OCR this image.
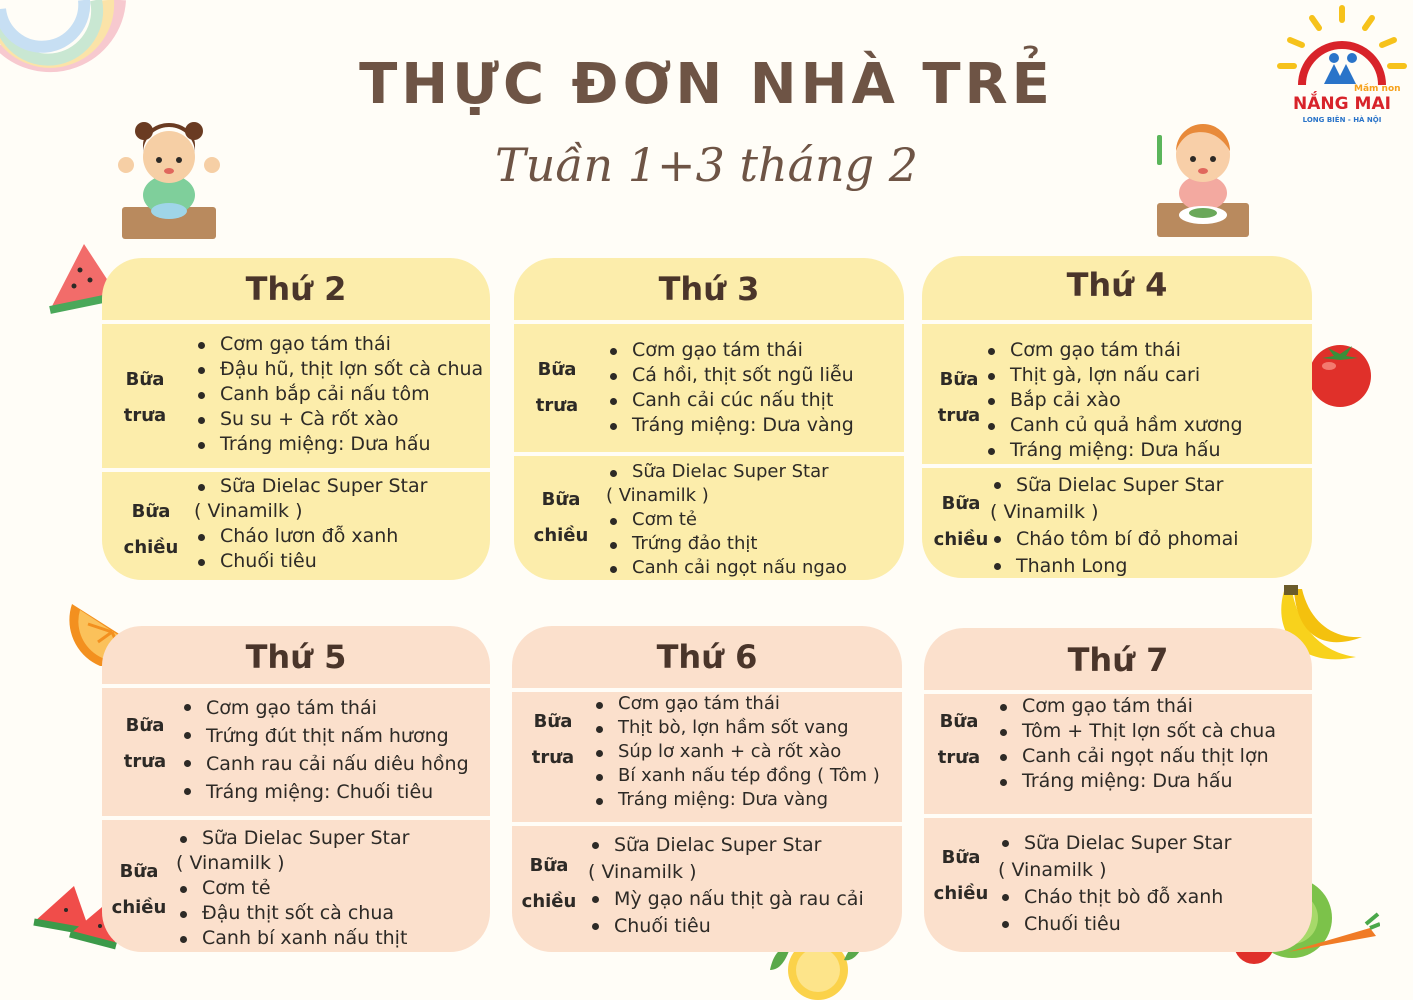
THỰC ĐƠN NHÀ TRẺ
Tuần 1+3 tháng 2
Mầm non
NẮNG MAI
LONG BIÊN - HÀ NỘI
Thứ 2
Bữa
trưa
Cơm gạo tám thái
Đậu hũ, thịt lợn sốt cà chua
Canh bắp cải nấu tôm
Su su + Cà rốt xào
Tráng miệng: Dưa hấu
Bữa
chiều
Sữa Dielac Super Star
( Vinamilk )
Cháo lươn đỗ xanh
Chuối tiêu
Thứ 3
Bữa
trưa
Cơm gạo tám thái
Cá hồi, thịt sốt ngũ liễu
Canh cải cúc nấu thịt
Tráng miệng: Dưa vàng
Bữa
chiều
Sữa Dielac Super Star
( Vinamilk )
Cơm tẻ
Trứng đảo thịt
Canh cải ngọt nấu ngao
Thứ 4
Bữa
trưa
Cơm gạo tám thái
Thịt gà, lợn nấu cari
Bắp cải xào
Canh củ quả hầm xương
Tráng miệng: Dưa hấu
Bữa
chiều
Sữa Dielac Super Star
( Vinamilk )
Cháo tôm bí đỏ phomai
Thanh Long
Thứ 5
Bữa
trưa
Cơm gạo tám thái
Trứng đút thịt nấm hương
Canh rau cải nấu diêu hồng
Tráng miệng: Chuối tiêu
Bữa
chiều
Sữa Dielac Super Star
( Vinamilk )
Cơm tẻ
Đậu thịt sốt cà chua
Canh bí xanh nấu thịt
Thứ 6
Bữa
trưa
Cơm gạo tám thái
Thịt bò, lợn hầm sốt vang
Súp lơ xanh + cà rốt xào
Bí xanh nấu tép đồng ( Tôm )
Tráng miệng: Dưa vàng
Bữa
chiều
Sữa Dielac Super Star
( Vinamilk )
Mỳ gạo nấu thịt gà rau cải
Chuối tiêu
Thứ 7
Bữa
trưa
Cơm gạo tám thái
Tôm + Thịt lợn sốt cà chua
Canh cải ngọt nấu thịt lợn
Tráng miệng: Dưa hấu
Bữa
chiều
Sữa Dielac Super Star
( Vinamilk )
Cháo thịt bò đỗ xanh
Chuối tiêu
